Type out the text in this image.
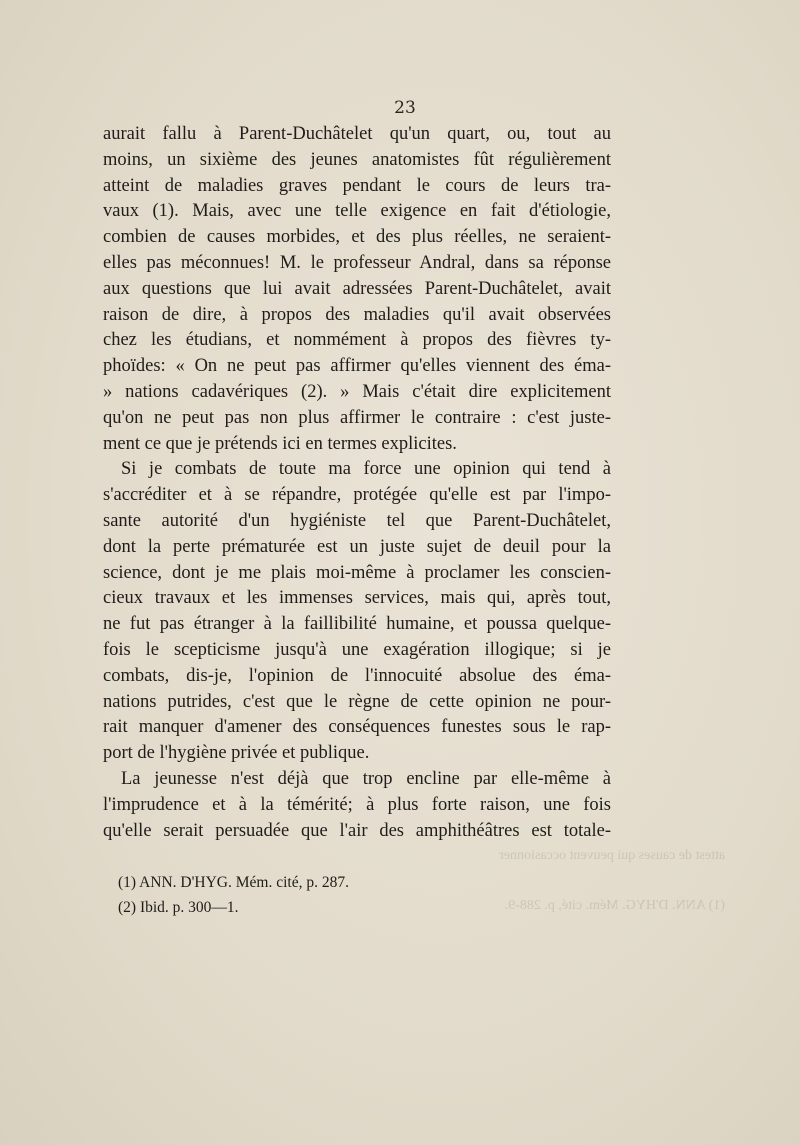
23
attest de causes qui peuvent occasionner
(1) ANN. D'HYG. Mém. cité, p. 288-9.
aurait fallu à Parent-Duchâtelet qu'un quart, ou, tout au
moins, un sixième des jeunes anatomistes fût régulièrement
atteint de maladies graves pendant le cours de leurs tra-
vaux (1). Mais, avec une telle exigence en fait d'étiologie,
combien de causes morbides, et des plus réelles, ne seraient-
elles pas méconnues! M. le professeur Andral, dans sa réponse
aux questions que lui avait adressées Parent-Duchâtelet, avait
raison de dire, à propos des maladies qu'il avait observées
chez les étudians, et nommément à propos des fièvres ty-
phoïdes: « On ne peut pas affirmer qu'elles viennent des éma-
» nations cadavériques (2). » Mais c'était dire explicitement
qu'on ne peut pas non plus affirmer le contraire : c'est juste-
ment ce que je prétends ici en termes explicites.
Si je combats de toute ma force une opinion qui tend à
s'accréditer et à se répandre, protégée qu'elle est par l'impo-
sante autorité d'un hygiéniste tel que Parent-Duchâtelet,
dont la perte prématurée est un juste sujet de deuil pour la
science, dont je me plais moi-même à proclamer les conscien-
cieux travaux et les immenses services, mais qui, après tout,
ne fut pas étranger à la faillibilité humaine, et poussa quelque-
fois le scepticisme jusqu'à une exagération illogique; si je
combats, dis-je, l'opinion de l'innocuité absolue des éma-
nations putrides, c'est que le règne de cette opinion ne pour-
rait manquer d'amener des conséquences funestes sous le rap-
port de l'hygiène privée et publique.
La jeunesse n'est déjà que trop encline par elle-même à
l'imprudence et à la témérité; à plus forte raison, une fois
qu'elle serait persuadée que l'air des amphithéâtres est totale-
(1) ANN. D'HYG. Mém. cité, p. 287.
(2) Ibid. p. 300—1.
